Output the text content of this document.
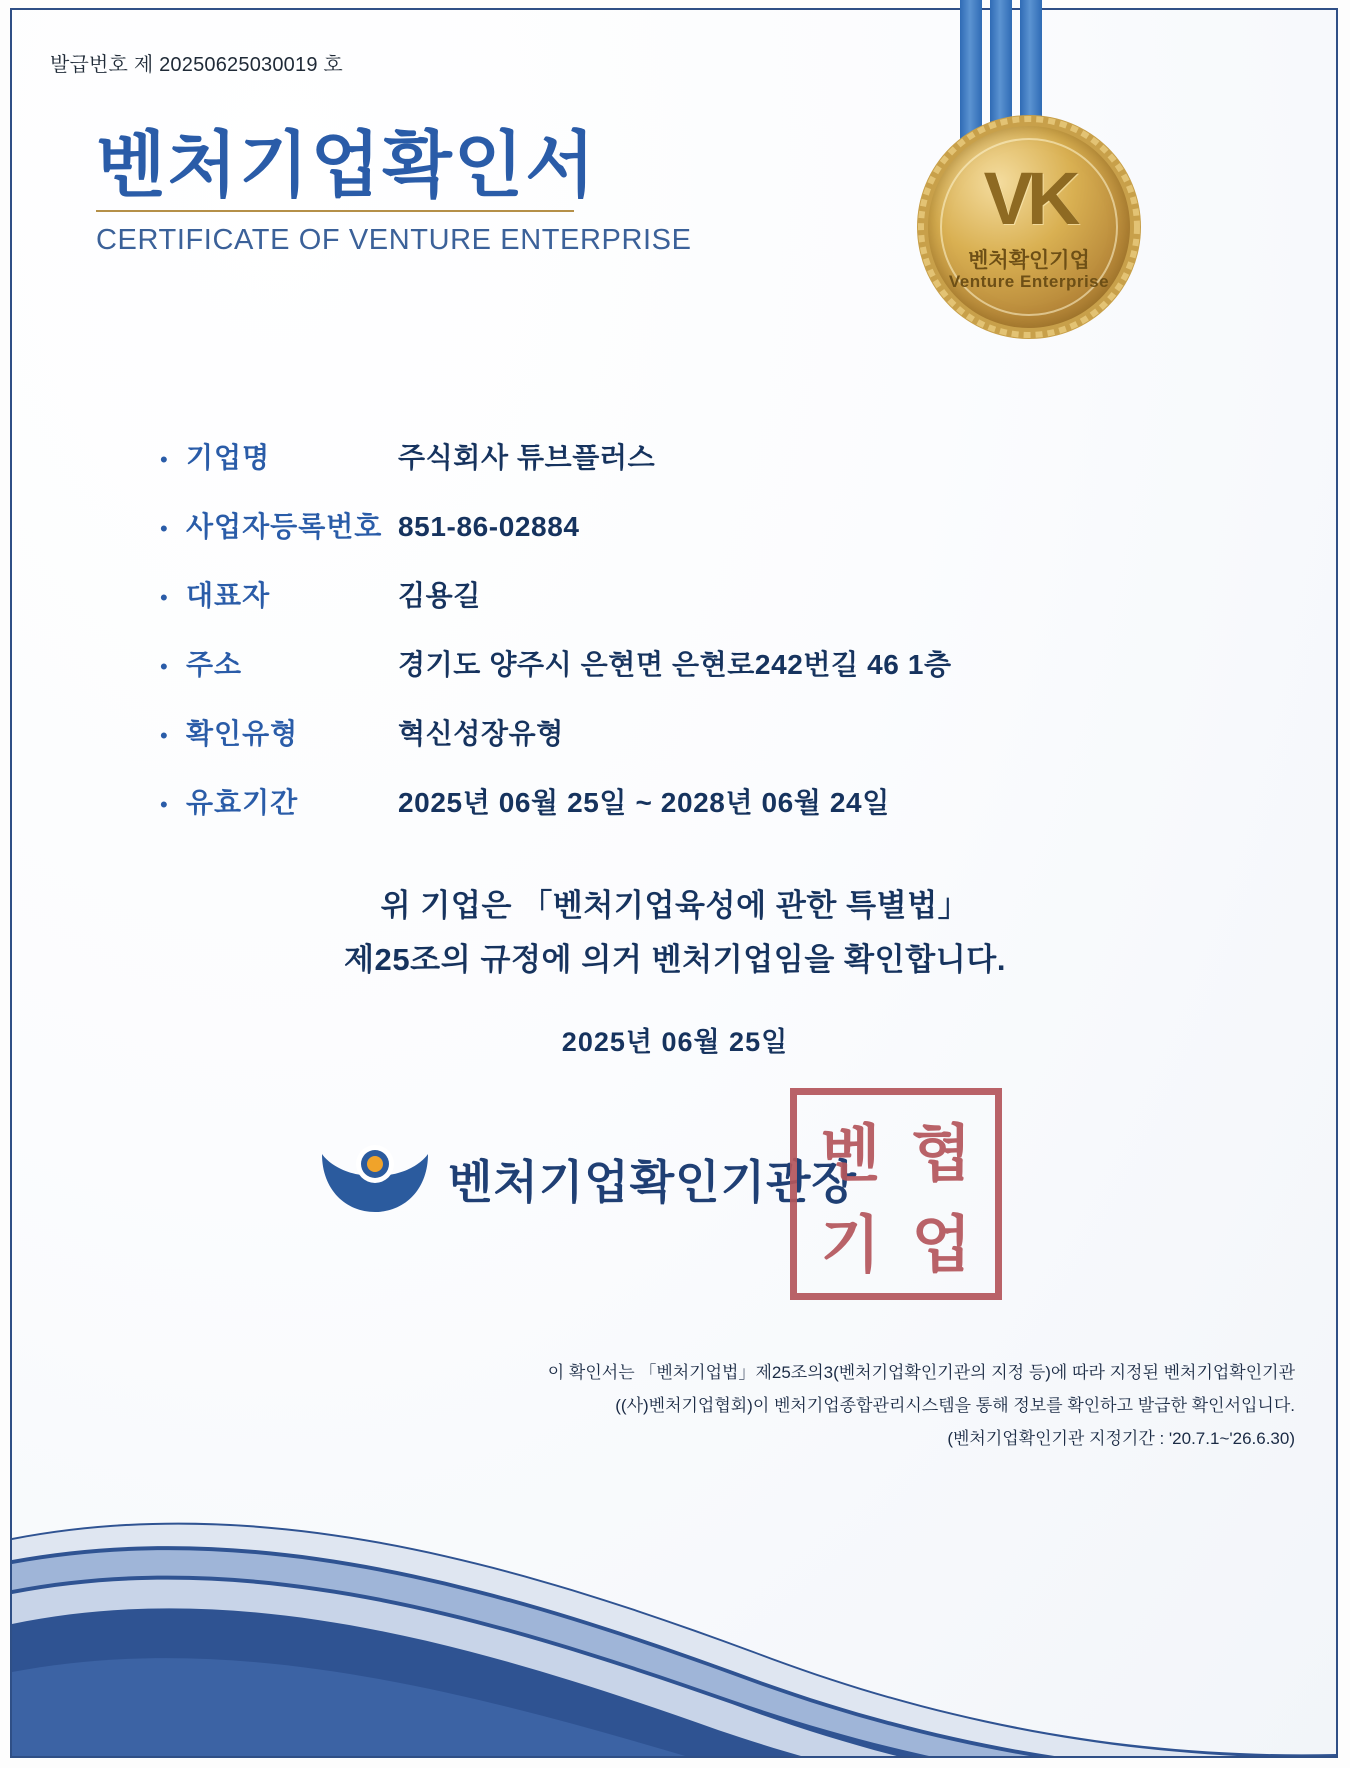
발급번호 제 20250625030019 호
벤처기업확인서
CERTIFICATE OF VENTURE ENTERPRISE
VK
벤처확인기업
Venture Enterprise
• 기업명	주식회사 튜브플러스
• 사업자등록번호 851-86-02884
• 대표자	김용길
• 주소	경기도 양주시 은현면 은현로242번길 46 1층
• 확인유형	혁신성장유형
• 유효기간	2025년 06월 25일 ~ 2028년 06월 24일
위 기업은 「벤처기업육성에 관한 특별법」
제25조의 규정에 의거 벤처기업임을 확인합니다.
2025년 06월 25일
벤처기업확인기관장
벤 협
기 업
이 확인서는 「벤처기업법」제25조의3(벤처기업확인기관의 지정 등)에 따라 지정된 벤처기업확인기관
((사)벤처기업협회)이 벤처기업종합관리시스템을 통해 정보를 확인하고 발급한 확인서입니다.
(벤처기업확인기관 지정기간 : '20.7.1~'26.6.30)
